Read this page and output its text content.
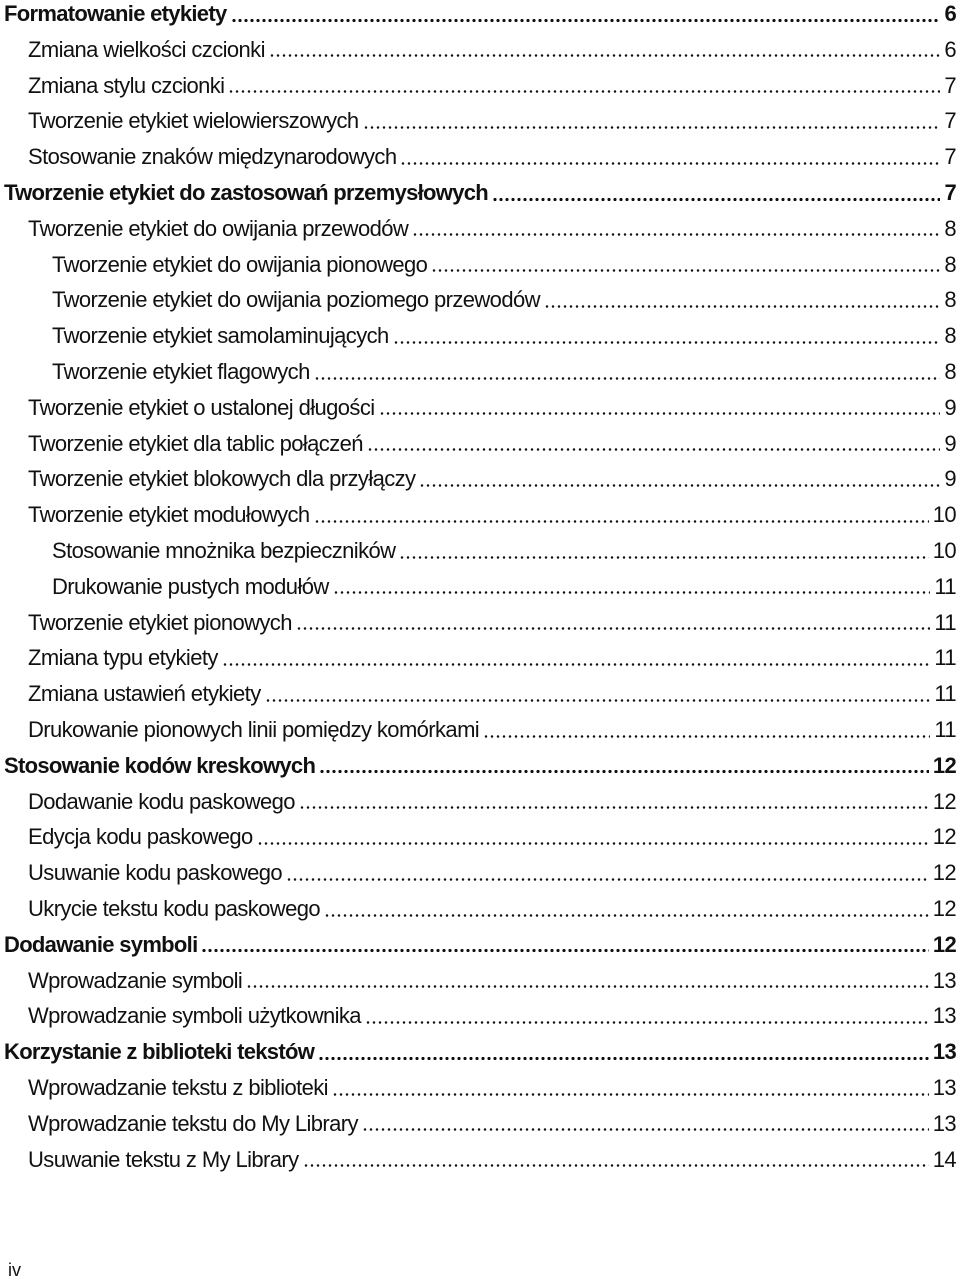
Formatowanie etykiety	6
Zmiana wielkości czcionki	6
Zmiana stylu czcionki	7
Tworzenie etykiet wielowierszowych	7
Stosowanie znaków międzynarodowych	7
Tworzenie etykiet do zastosowań przemysłowych	7
Tworzenie etykiet do owijania przewodów	8
Tworzenie etykiet do owijania pionowego	8
Tworzenie etykiet do owijania poziomego przewodów	8
Tworzenie etykiet samolaminujących	8
Tworzenie etykiet flagowych	8
Tworzenie etykiet o ustalonej długości	9
Tworzenie etykiet dla tablic połączeń	9
Tworzenie etykiet blokowych dla przyłączy	9
Tworzenie etykiet modułowych	10
Stosowanie mnożnika bezpieczników	10
Drukowanie pustych modułów	11
Tworzenie etykiet pionowych	11
Zmiana typu etykiety	11
Zmiana ustawień etykiety	11
Drukowanie pionowych linii pomiędzy komórkami	11
Stosowanie kodów kreskowych	12
Dodawanie kodu paskowego	12
Edycja kodu paskowego	12
Usuwanie kodu paskowego	12
Ukrycie tekstu kodu paskowego	12
Dodawanie symboli	12
Wprowadzanie symboli	13
Wprowadzanie symboli użytkownika	13
Korzystanie z biblioteki tekstów	13
Wprowadzanie tekstu z biblioteki	13
Wprowadzanie tekstu do My Library	13
Usuwanie tekstu z My Library	14
iv
